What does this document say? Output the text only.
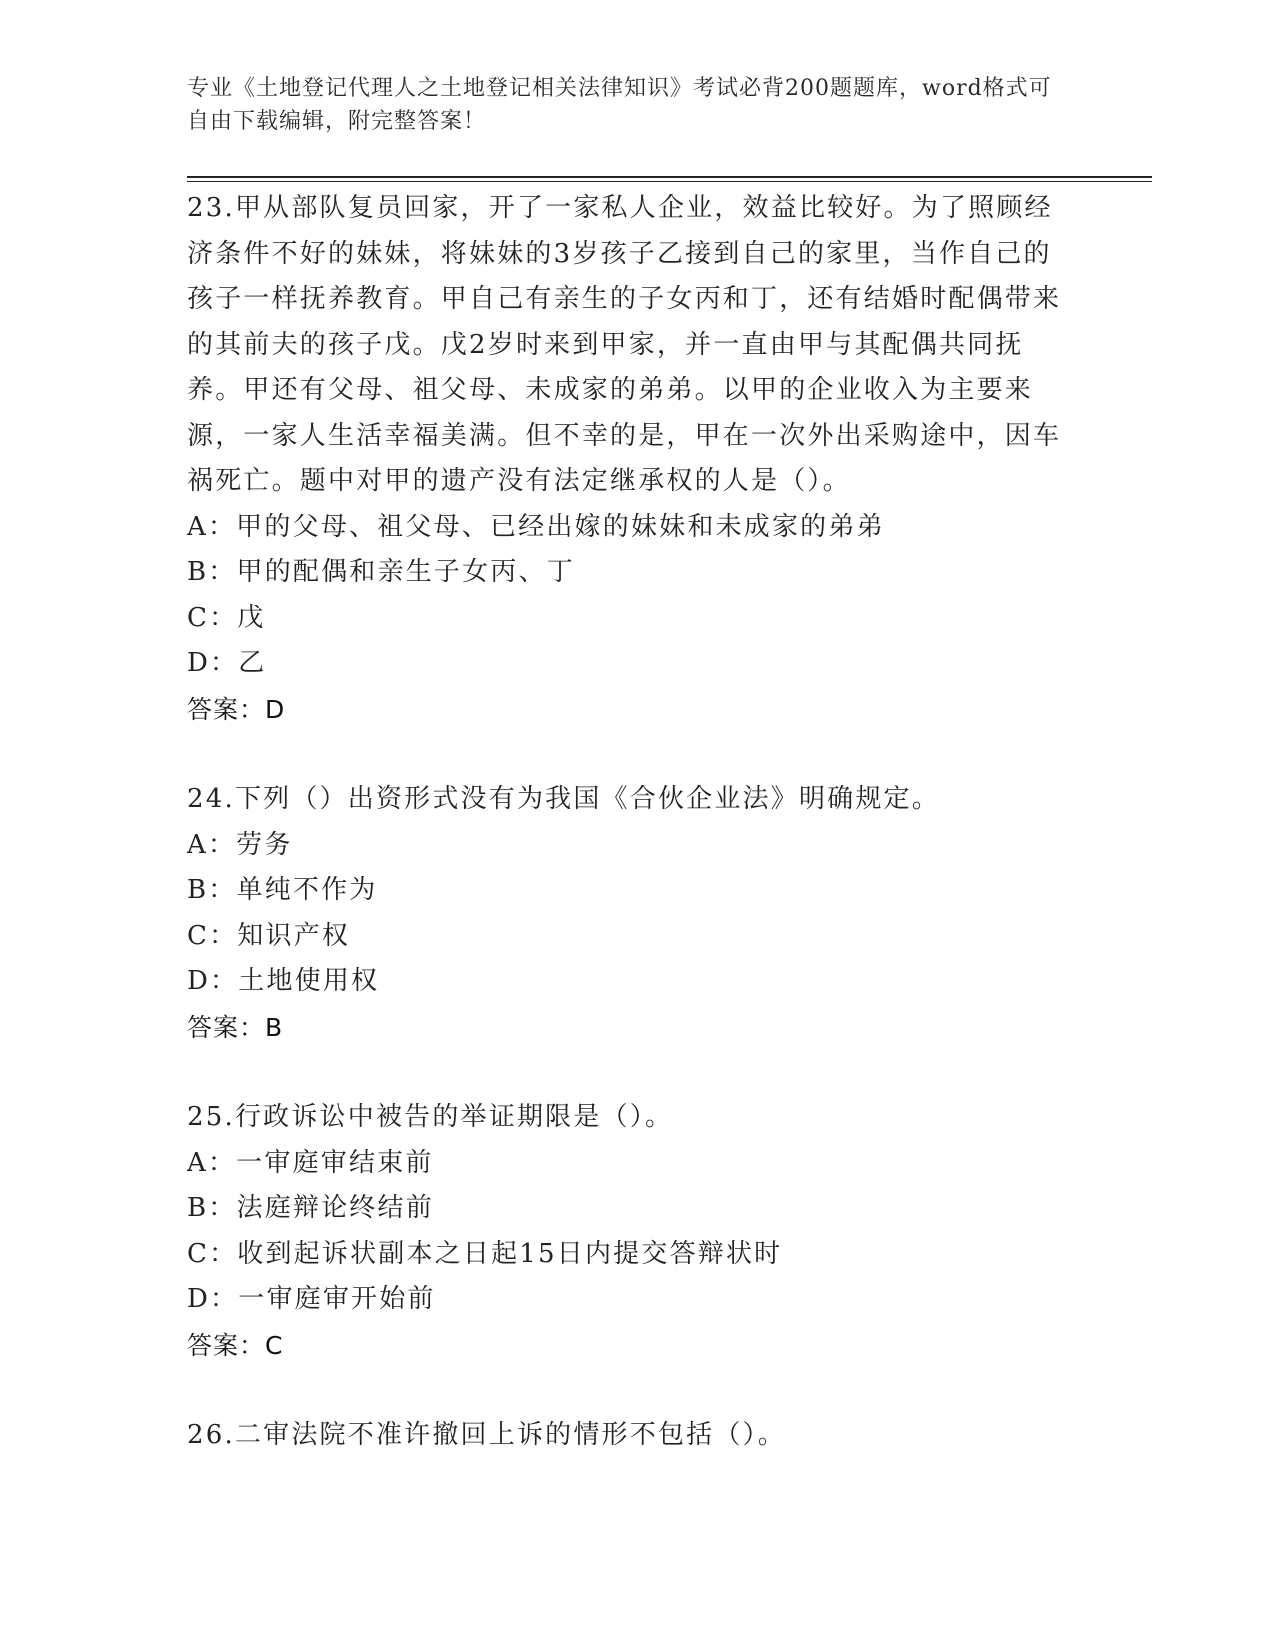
专业《土地登记代理人之土地登记相关法律知识》考试必背200题题库，word格式可自由下载编辑，附完整答案！

23.甲从部队复员回家，开了一家私人企业，效益比较好。为了照顾经济条件不好的妹妹，将妹妹的3岁孩子乙接到自己的家里，当作自己的孩子一样抚养教育。甲自己有亲生的子女丙和丁，还有结婚时配偶带来的其前夫的孩子戊。戊2岁时来到甲家，并一直由甲与其配偶共同抚养。甲还有父母、祖父母、未成家的弟弟。以甲的企业收入为主要来源，一家人生活幸福美满。但不幸的是，甲在一次外出采购途中，因车祸死亡。题中对甲的遗产没有法定继承权的人是（）。

A：甲的父母、祖父母、已经出嫁的妹妹和未成家的弟弟

B：甲的配偶和亲生子女丙、丁

C：戊

D：乙

答案：D

24.下列（）出资形式没有为我国《合伙企业法》明确规定。

A：劳务

B：单纯不作为

C：知识产权

D：土地使用权

答案：B

25.行政诉讼中被告的举证期限是（）。

A：一审庭审结束前

B：法庭辩论终结前

C：收到起诉状副本之日起15日内提交答辩状时

D：一审庭审开始前

答案：C

26.二审法院不准许撤回上诉的情形不包括（）。
